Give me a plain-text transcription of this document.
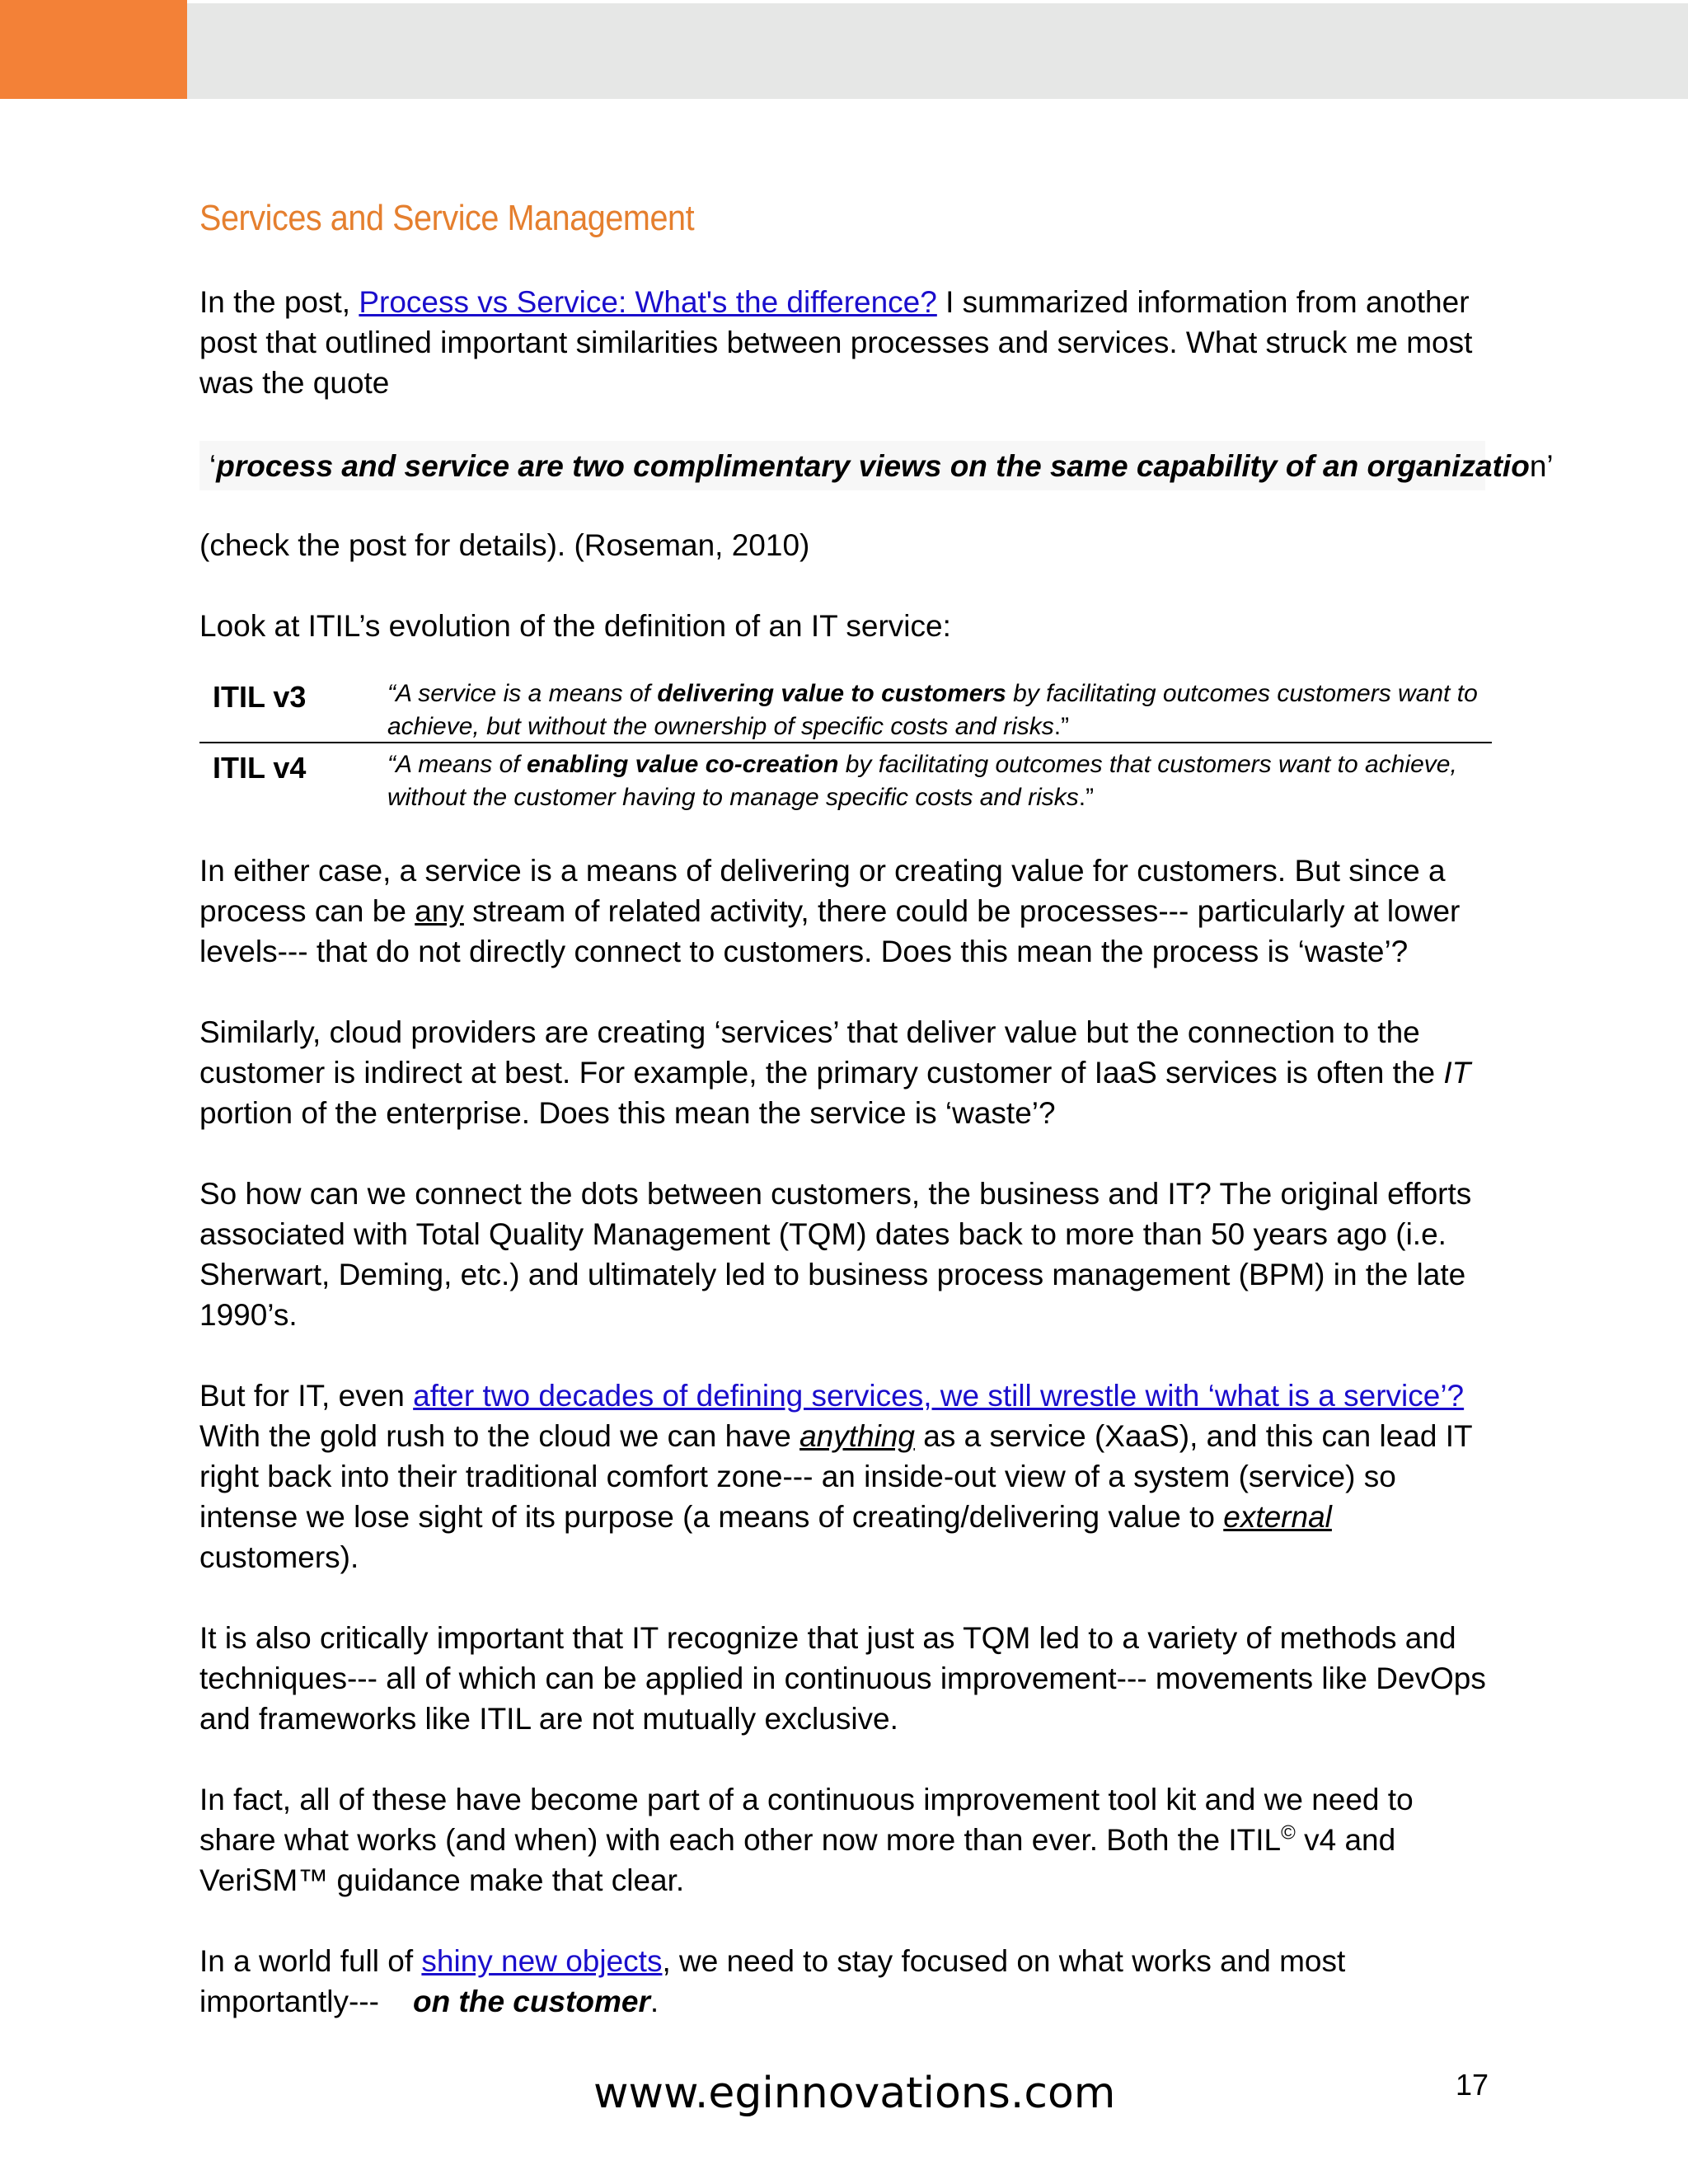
Services and Service Management

In the post, Process vs Service: What's the difference? I summarized information from another post that outlined important similarities between processes and services. What struck me most was the quote

‘process and service are two complimentary views on the same capability of an organization’

(check the post for details). (Roseman, 2010)

Look at ITIL’s evolution of the definition of an IT service:

ITIL v3	“A service is a means of delivering value to customers by facilitating outcomes customers want to achieve, but without the ownership of specific costs and risks.”
ITIL v4	“A means of enabling value co-creation by facilitating outcomes that customers want to achieve, without the customer having to manage specific costs and risks.”

In either case, a service is a means of delivering or creating value for customers. But since a process can be any stream of related activity, there could be processes--- particularly at lower levels--- that do not directly connect to customers. Does this mean the process is ‘waste’?

Similarly, cloud providers are creating ‘services’ that deliver value but the connection to the customer is indirect at best. For example, the primary customer of IaaS services is often the IT portion of the enterprise. Does this mean the service is ‘waste’?

So how can we connect the dots between customers, the business and IT? The original efforts associated with Total Quality Management (TQM) dates back to more than 50 years ago (i.e. Sherwart, Deming, etc.) and ultimately led to business process management (BPM) in the late 1990’s.

But for IT, even after two decades of defining services, we still wrestle with ‘what is a service’? With the gold rush to the cloud we can have anything as a service (XaaS), and this can lead IT right back into their traditional comfort zone--- an inside-out view of a system (service) so intense we lose sight of its purpose (a means of creating/delivering value to external customers).

It is also critically important that IT recognize that just as TQM led to a variety of methods and techniques--- all of which can be applied in continuous improvement--- movements like DevOps and frameworks like ITIL are not mutually exclusive.

In fact, all of these have become part of a continuous improvement tool kit and we need to share what works (and when) with each other now more than ever. Both the ITIL© v4 and VeriSM™ guidance make that clear.

In a world full of shiny new objects, we need to stay focused on what works and most importantly---    on the customer.

www.eginnovations.com	17
